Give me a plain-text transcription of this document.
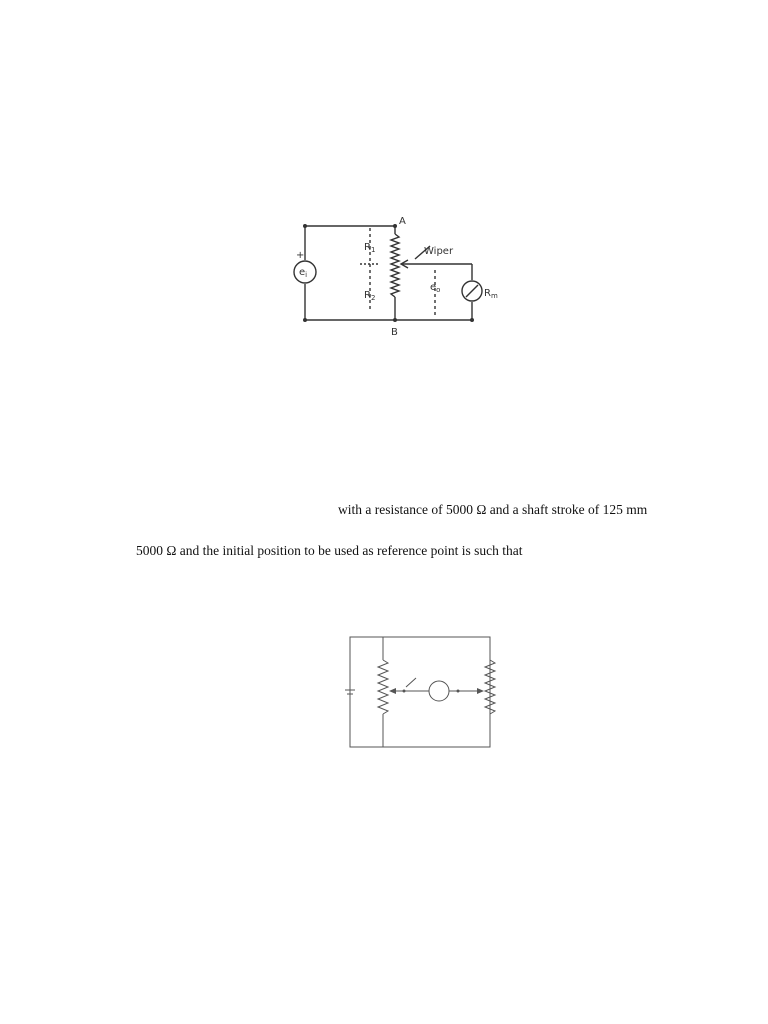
A
B
$R_1$
$R_2$
Wiper
$e_i$
+
$e_o$	$R_m$
with a resistance of 5000 Ω and a shaft stroke of 125 mm
5000 Ω and the initial position to be used as reference point is such that
